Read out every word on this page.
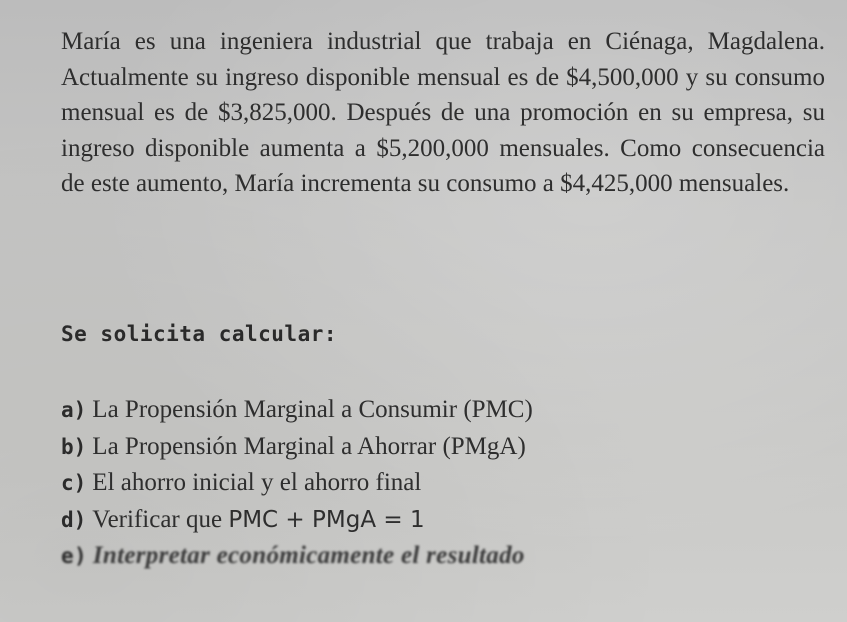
María es una ingeniera industrial que trabaja en Ciénaga, Magdalena. Actualmente su ingreso disponible mensual es de $4,500,000 y su consumo mensual es de $3,825,000. Después de una promoción en su empresa, su ingreso disponible aumenta a $5,200,000 mensuales. Como consecuencia de este aumento, María incrementa su consumo a $4,425,000 mensuales.

Se solicita calcular:
a) La Propensión Marginal a Consumir (PMC)
b) La Propensión Marginal a Ahorrar (PMgA)
c) El ahorro inicial y el ahorro final
d) Verificar que PMC + PMgA = 1
e) Interpretar económicamente el resultado
